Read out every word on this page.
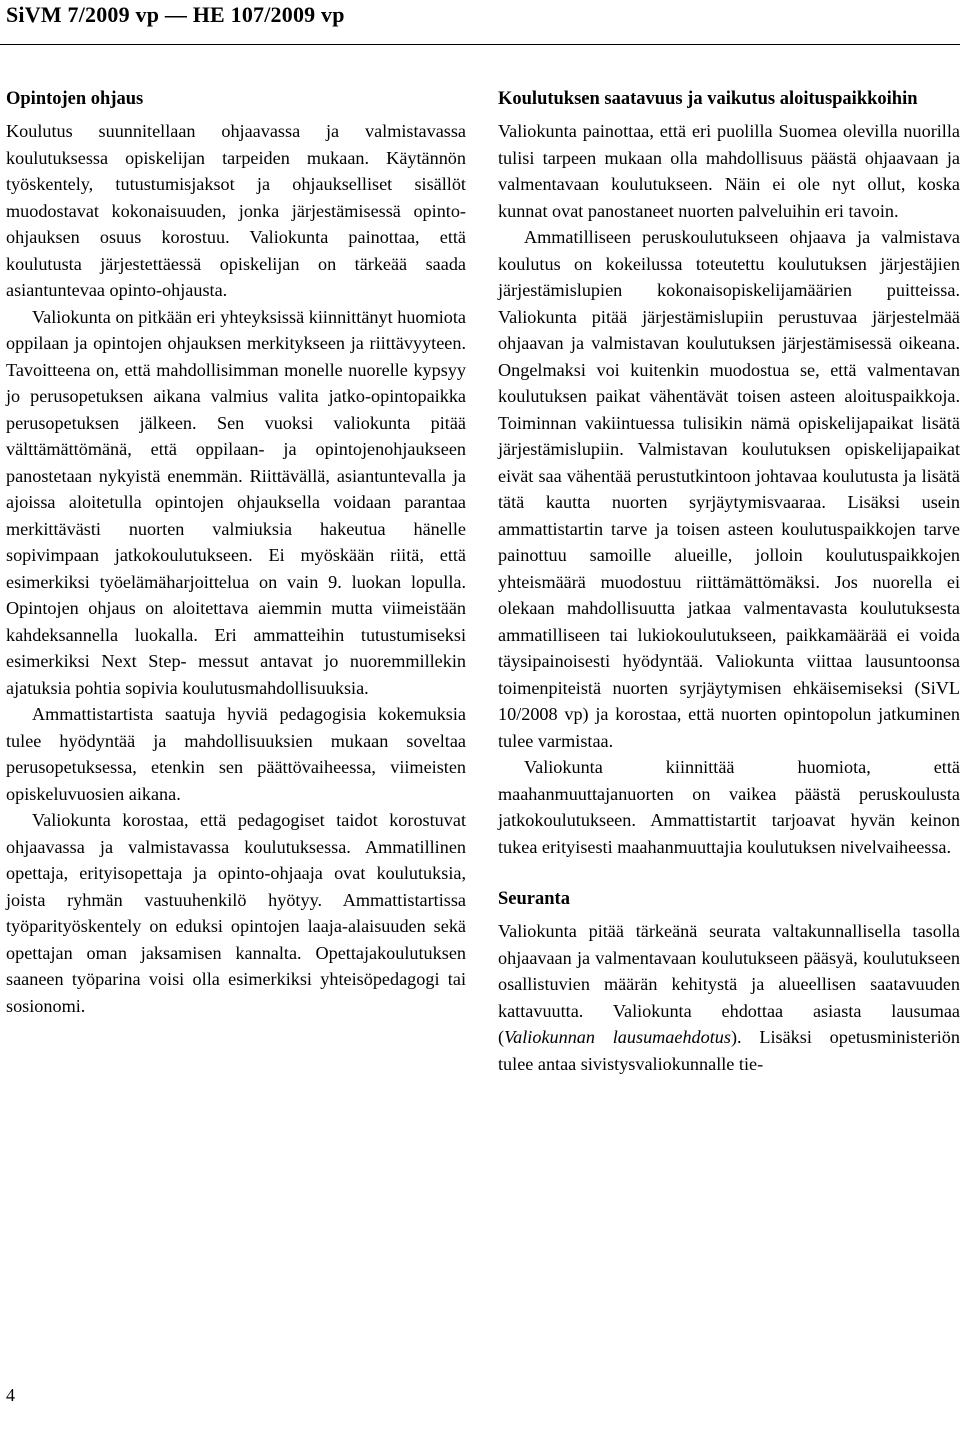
SiVM 7/2009 vp — HE 107/2009 vp
Opintojen ohjaus

Koulutus suunnitellaan ohjaavassa ja valmistavassa koulutuksessa opiskelijan tarpeiden mukaan. Käytännön työskentely, tutustumisjaksot ja ohjaukselliset sisällöt muodostavat kokonaisuuden, jonka järjestämisessä opinto-ohjauksen osuus korostuu. Valiokunta painottaa, että koulutusta järjestettäessä opiskelijan on tärkeää saada asiantuntevaa opinto-ohjausta.

Valiokunta on pitkään eri yhteyksissä kiinnittänyt huomiota oppilaan ja opintojen ohjauksen merkitykseen ja riittävyyteen. Tavoitteena on, että mahdollisimman monelle nuorelle kypsyy jo perusopetuksen aikana valmius valita jatko-opintopaikka perusopetuksen jälkeen. Sen vuoksi valiokunta pitää välttämättömänä, että oppilaan- ja opintojenohjaukseen panostetaan nykyistä enemmän. Riittävällä, asiantuntevalla ja ajoissa aloitetulla opintojen ohjauksella voidaan parantaa merkittävästi nuorten valmiuksia hakeutua hänelle sopivimpaan jatkokoulutukseen. Ei myöskään riitä, että esimerkiksi työelämäharjoittelua on vain 9. luokan lopulla. Opintojen ohjaus on aloitettava aiemmin mutta viimeistään kahdeksannella luokalla. Eri ammatteihin tutustumiseksi esimerkiksi Next Step- messut antavat jo nuoremmillekin ajatuksia pohtia sopivia koulutusmahdollisuuksia.

Ammattistartista saatuja hyviä pedagogisia kokemuksia tulee hyödyntää ja mahdollisuuksien mukaan soveltaa perusopetuksessa, etenkin sen päättövaiheessa, viimeisten opiskeluvuosien aikana.

Valiokunta korostaa, että pedagogiset taidot korostuvat ohjaavassa ja valmistavassa koulutuksessa. Ammatillinen opettaja, erityisopettaja ja opinto-ohjaaja ovat koulutuksia, joista ryhmän vastuuhenkilö hyötyy. Ammattistartissa työparityöskentely on eduksi opintojen laaja-alaisuuden sekä opettajan oman jaksamisen kannalta. Opettajakoulutuksen saaneen työparina voisi olla esimerkiksi yhteisöpedagogi tai sosionomi.

Koulutuksen saatavuus ja vaikutus aloituspaikkoihin

Valiokunta painottaa, että eri puolilla Suomea olevilla nuorilla tulisi tarpeen mukaan olla mahdollisuus päästä ohjaavaan ja valmentavaan koulutukseen. Näin ei ole nyt ollut, koska kunnat ovat panostaneet nuorten palveluihin eri tavoin.

Ammatilliseen peruskoulutukseen ohjaava ja valmistava koulutus on kokeilussa toteutettu koulutuksen järjestäjien järjestämislupien kokonaisopiskelijamäärien puitteissa. Valiokunta pitää järjestämislupiin perustuvaa järjestelmää ohjaavan ja valmistavan koulutuksen järjestämisessä oikeana. Ongelmaksi voi kuitenkin muodostua se, että valmentavan koulutuksen paikat vähentävät toisen asteen aloituspaikkoja. Toiminnan vakiintuessa tulisikin nämä opiskelijapaikat lisätä järjestämislupiin. Valmistavan koulutuksen opiskelijapaikat eivät saa vähentää perustutkintoon johtavaa koulutusta ja lisätä tätä kautta nuorten syrjäytymisvaaraa. Lisäksi usein ammattistartin tarve ja toisen asteen koulutuspaikkojen tarve painottuu samoille alueille, jolloin koulutuspaikkojen yhteismäärä muodostuu riittämättömäksi. Jos nuorella ei olekaan mahdollisuutta jatkaa valmentavasta koulutuksesta ammatilliseen tai lukiokoulutukseen, paikkamäärää ei voida täysipainoisesti hyödyntää. Valiokunta viittaa lausuntoonsa toimenpiteistä nuorten syrjäytymisen ehkäisemiseksi (SiVL 10/2008 vp) ja korostaa, että nuorten opintopolun jatkuminen tulee varmistaa.

Valiokunta kiinnittää huomiota, että maahanmuuttajanuorten on vaikea päästä peruskoulusta jatkokoulutukseen. Ammattistartit tarjoavat hyvän keinon tukea erityisesti maahanmuuttajia koulutuksen nivelvaiheessa.

Seuranta

Valiokunta pitää tärkeänä seurata valtakunnallisella tasolla ohjaavaan ja valmentavaan koulutukseen pääsyä, koulutukseen osallistuvien määrän kehitystä ja alueellisen saatavuuden kattavuutta. Valiokunta ehdottaa asiasta lausumaa (Valiokunnan lausumaehdotus). Lisäksi opetusministeriön tulee antaa sivistysvaliokunnalle tie-

4
